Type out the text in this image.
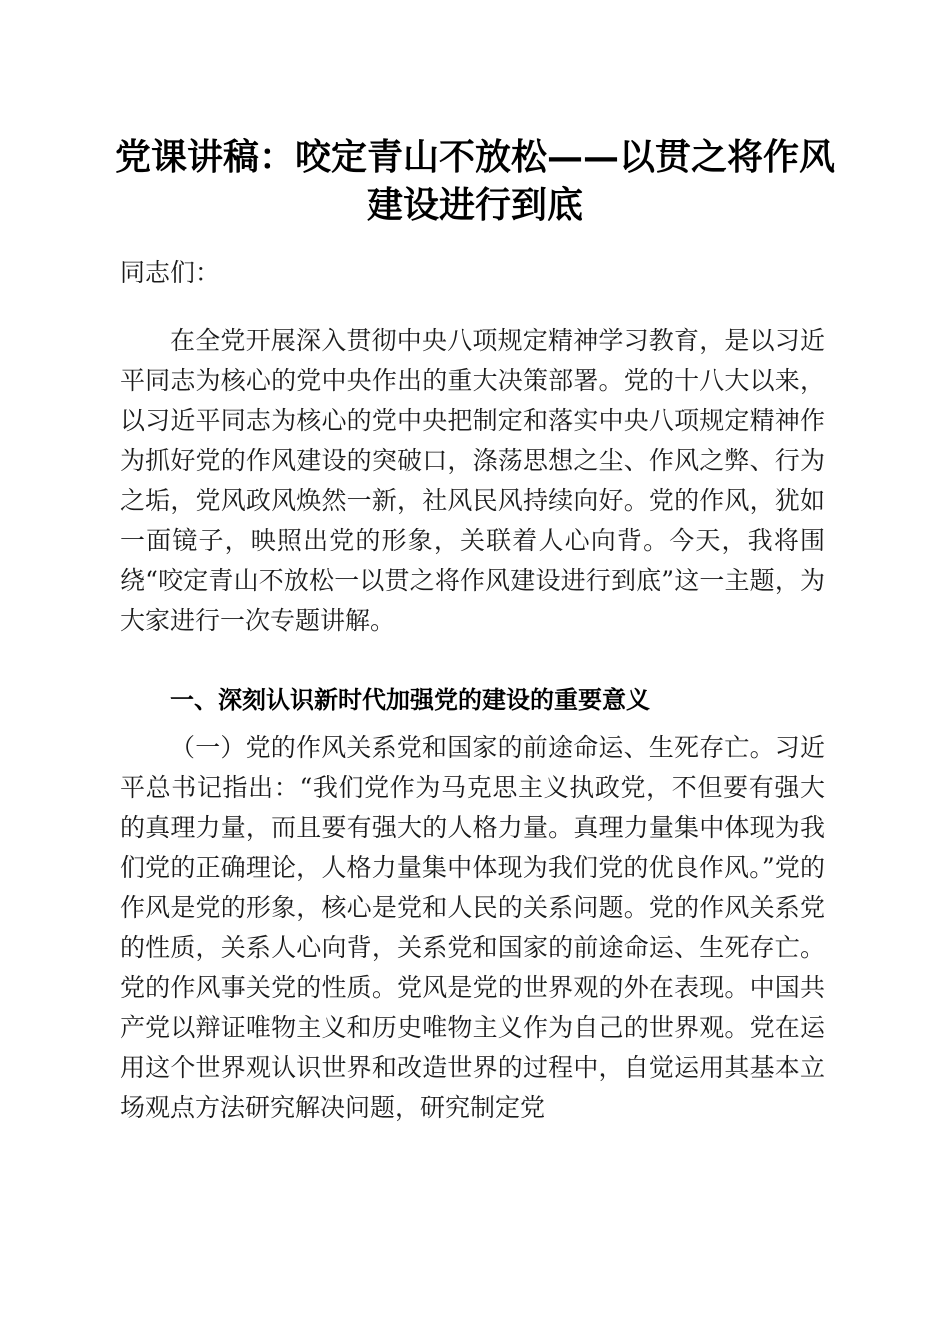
党课讲稿：咬定青山不放松——以贯之将作风
建设进行到底

同志们：

在全党开展深入贯彻中央八项规定精神学习教育，是以习近平同志为核心的党中央作出的重大决策部署。党的十八大以来，以习近平同志为核心的党中央把制定和落实中央八项规定精神作为抓好党的作风建设的突破口，涤荡思想之尘、作风之弊、行为之垢，党风政风焕然一新，社风民风持续向好。党的作风，犹如一面镜子，映照出党的形象，关联着人心向背。今天，我将围绕“咬定青山不放松一以贯之将作风建设进行到底”这一主题，为大家进行一次专题讲解。

一、深刻认识新时代加强党的建设的重要意义

（一）党的作风关系党和国家的前途命运、生死存亡。习近平总书记指出：“我们党作为马克思主义执政党，不但要有强大的真理力量，而且要有强大的人格力量。真理力量集中体现为我们党的正确理论，人格力量集中体现为我们党的优良作风。”党的作风是党的形象，核心是党和人民的关系问题。党的作风关系党的性质，关系人心向背，关系党和国家的前途命运、生死存亡。党的作风事关党的性质。党风是党的世界观的外在表现。中国共产党以辩证唯物主义和历史唯物主义作为自己的世界观。党在运用这个世界观认识世界和改造世界的过程中，自觉运用其基本立场观点方法研究解决问题，研究制定党
